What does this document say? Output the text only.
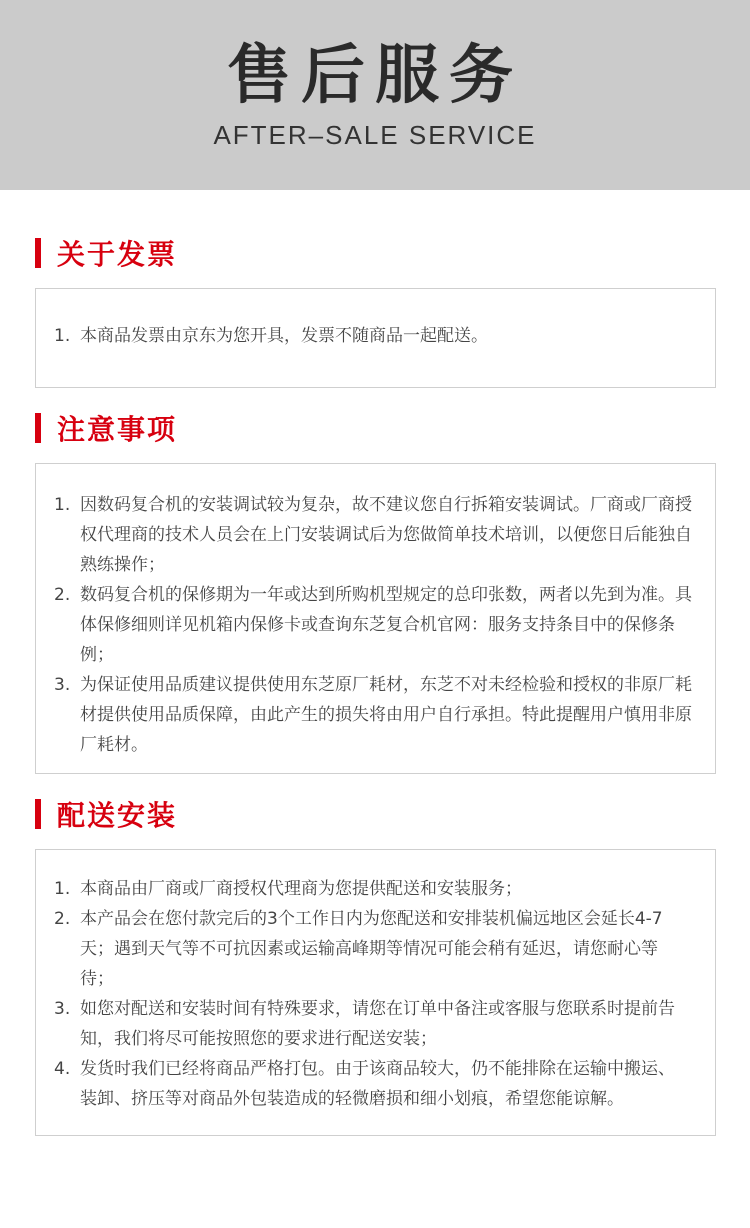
售后服务
AFTER–SALE SERVICE
关于发票
1. 本商品发票由京东为您开具，发票不随商品一起配送。
注意事项
1. 因数码复合机的安装调试较为复杂，故不建议您自行拆箱安装调试。厂商或厂商授权代理商的技术人员会在上门安装调试后为您做简单技术培训，以便您日后能独自熟练操作；
2. 数码复合机的保修期为一年或达到所购机型规定的总印张数，两者以先到为准。具体保修细则详见机箱内保修卡或查询东芝复合机官网：服务支持条目中的保修条例；
3. 为保证使用品质建议提供使用东芝原厂耗材，东芝不对未经检验和授权的非原厂耗材提供使用品质保障，由此产生的损失将由用户自行承担。特此提醒用户慎用非原厂耗材。
配送安装
1. 本商品由厂商或厂商授权代理商为您提供配送和安装服务；
2. 本产品会在您付款完后的3个工作日内为您配送和安排装机偏远地区会延长4-7天；遇到天气等不可抗因素或运输高峰期等情况可能会稍有延迟，请您耐心等待；
3. 如您对配送和安装时间有特殊要求，请您在订单中备注或客服与您联系时提前告知，我们将尽可能按照您的要求进行配送安装；
4. 发货时我们已经将商品严格打包。由于该商品较大，仍不能排除在运输中搬运、装卸、挤压等对商品外包装造成的轻微磨损和细小划痕，希望您能谅解。
